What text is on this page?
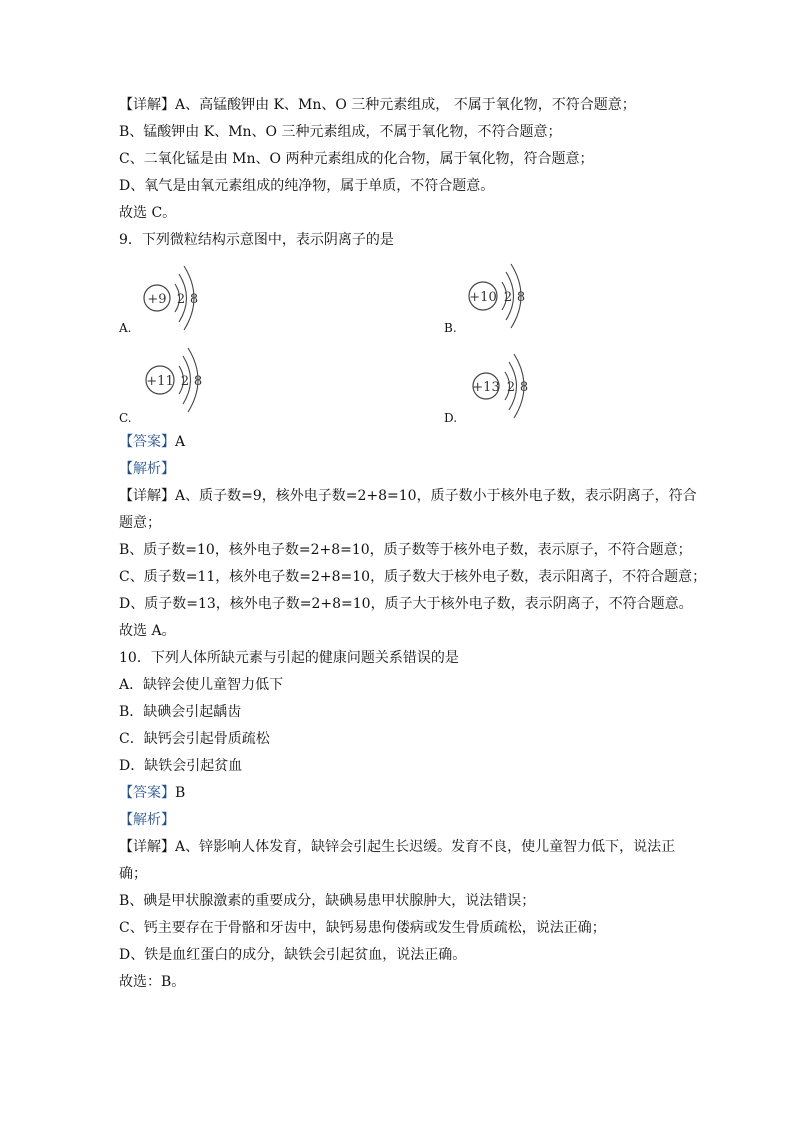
【详解】A、高锰酸钾由 K、Mn、O 三种元素组成， 不属于氧化物，不符合题意；
B、锰酸钾由 K、Mn、O 三种元素组成，不属于氧化物，不符合题意；
C、二氧化锰是由 Mn、O 两种元素组成的化合物，属于氧化物，符合题意；
D、氧气是由氧元素组成的纯净物，属于单质，不符合题意。
故选 C。
9．下列微粒结构示意图中，表示阴离子的是
+9 2 8
A.
+10 2 8
B.
+11 2 8
C.
+13 2 8
D.
【答案】A
【解析】
【详解】A、质子数=9，核外电子数=2+8=10，质子数小于核外电子数，表示阴离子，符合
题意；
B、质子数=10，核外电子数=2+8=10，质子数等于核外电子数，表示原子，不符合题意；
C、质子数=11，核外电子数=2+8=10，质子数大于核外电子数，表示阳离子，不符合题意；
D、质子数=13，核外电子数=2+8=10，质子大于核外电子数，表示阴离子，不符合题意。
故选 A。
10．下列人体所缺元素与引起的健康问题关系错误的是
A．缺锌会使儿童智力低下
B．缺碘会引起龋齿
C．缺钙会引起骨质疏松
D．缺铁会引起贫血
【答案】B
【解析】
【详解】A、锌影响人体发育，缺锌会引起生长迟缓。发育不良，使儿童智力低下，说法正
确；
B、碘是甲状腺激素的重要成分，缺碘易患甲状腺肿大，说法错误；
C、钙主要存在于骨骼和牙齿中，缺钙易患佝偻病或发生骨质疏松，说法正确；
D、铁是血红蛋白的成分，缺铁会引起贫血，说法正确。
故选：B。
